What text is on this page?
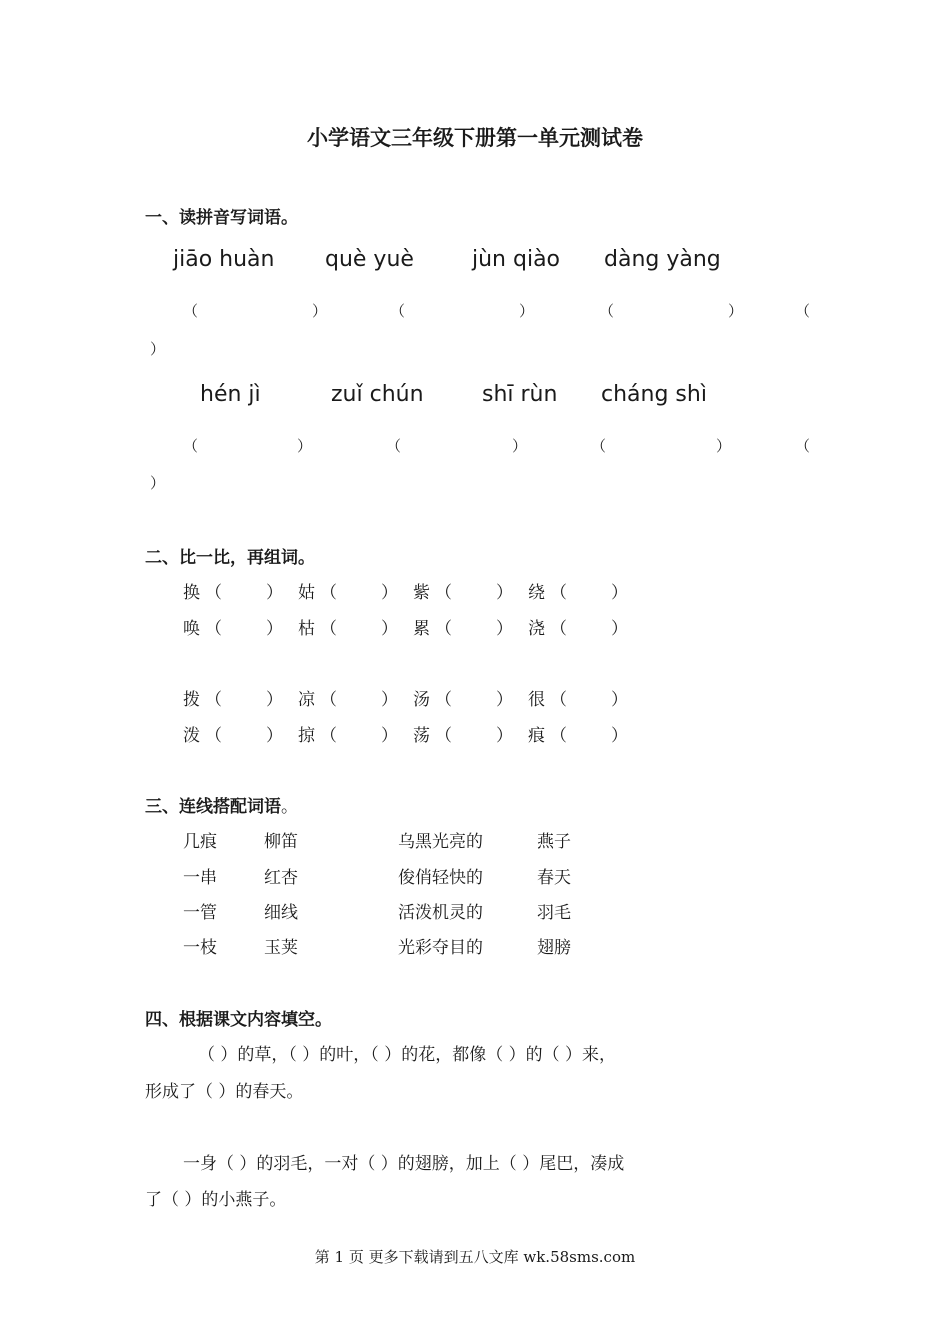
小学语文三年级下册第一单元测试卷
一、读拼音写词语。
jiāo huàn què yuè	jùn qiào dàng yàng
（	）	（	）	（	）	（
）
hén jì	zuǐ chún	shī rùn cháng shì
（	）	（	）	（	）	（
）
二、比一比，再组词。
换 （	） 姑 （	） 紫 （	） 绕 （	）
唤 （	） 枯 （	） 累 （	） 浇 （	）
拨 （	） 凉 （	） 汤 （	） 很 （	）
泼 （	） 掠 （	） 荡 （	） 痕 （	）
三、连线搭配词语。
几痕	柳笛	乌黑光亮的	燕子
一串	红杏	俊俏轻快的	春天
一管	细线	活泼机灵的	羽毛
一枝	玉荚	光彩夺目的	翅膀
四、根据课文内容填空。
（ ）的草，（ ）的叶，（ ）的花，都像（ ）的（ ）来，
形成了（ ）的春天。
一身（ ）的羽毛，一对（ ）的翅膀，加上（ ）尾巴，凑成
了（ ）的小燕子。
第 1 页 更多下载请到五八文库 wk.58sms.com
